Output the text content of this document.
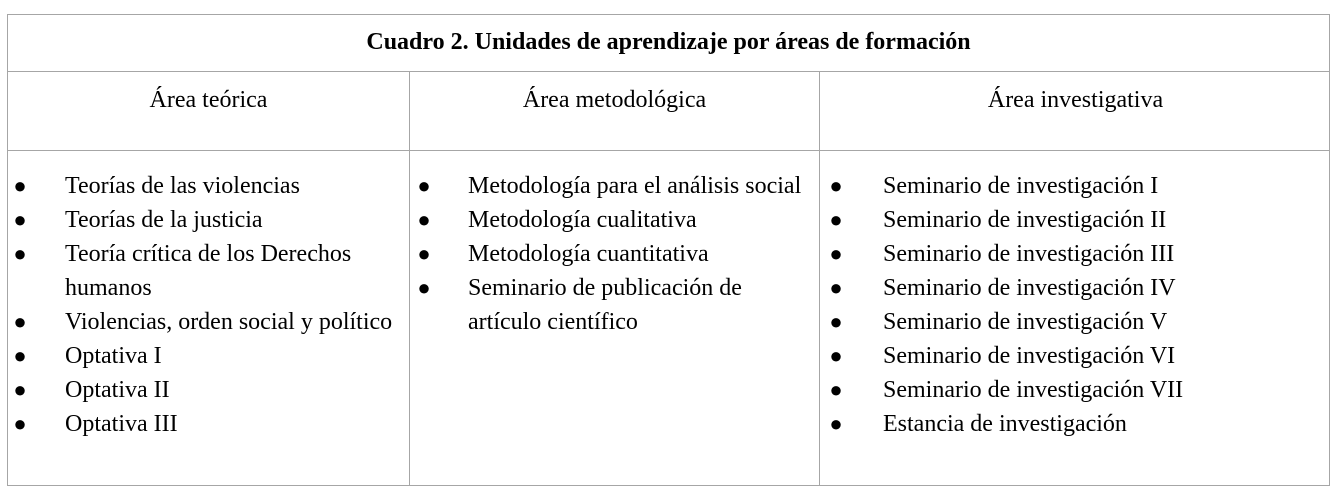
Cuadro 2. Unidades de aprendizaje por áreas de formación
Área teórica	Área metodológica	Área investigativa
● Teorías de las violencias
● Teorías de la justicia
● Teoría crítica de los Derechos humanos
● Violencias, orden social y político
● Optativa I
● Optativa II
● Optativa III
● Metodología para el análisis social
● Metodología cualitativa
● Metodología cuantitativa
● Seminario de publicación de artículo científico
● Seminario de investigación I
● Seminario de investigación II
● Seminario de investigación III
● Seminario de investigación IV
● Seminario de investigación V
● Seminario de investigación VI
● Seminario de investigación VII
● Estancia de investigación
